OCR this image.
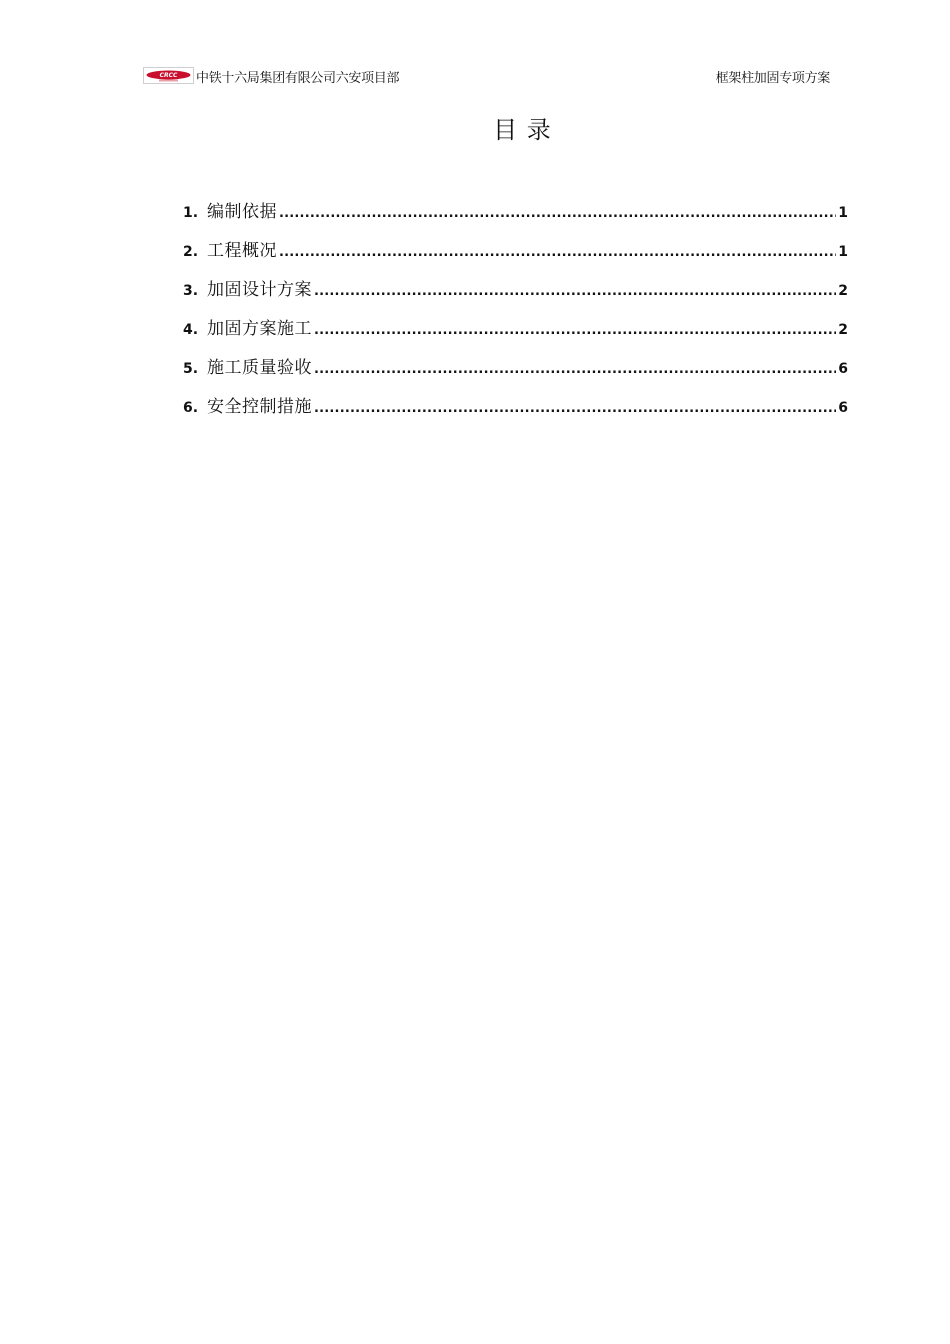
CRCC 中铁十六局集团有限公司六安项目部	框架柱加固专项方案
目 录
1. 编制依据 .....	1
2. 工程概况 .....	1
3. 加固设计方案 .....	2
4. 加固方案施工 .....	2
5. 施工质量验收 .....	6
6. 安全控制措施 .....	6
